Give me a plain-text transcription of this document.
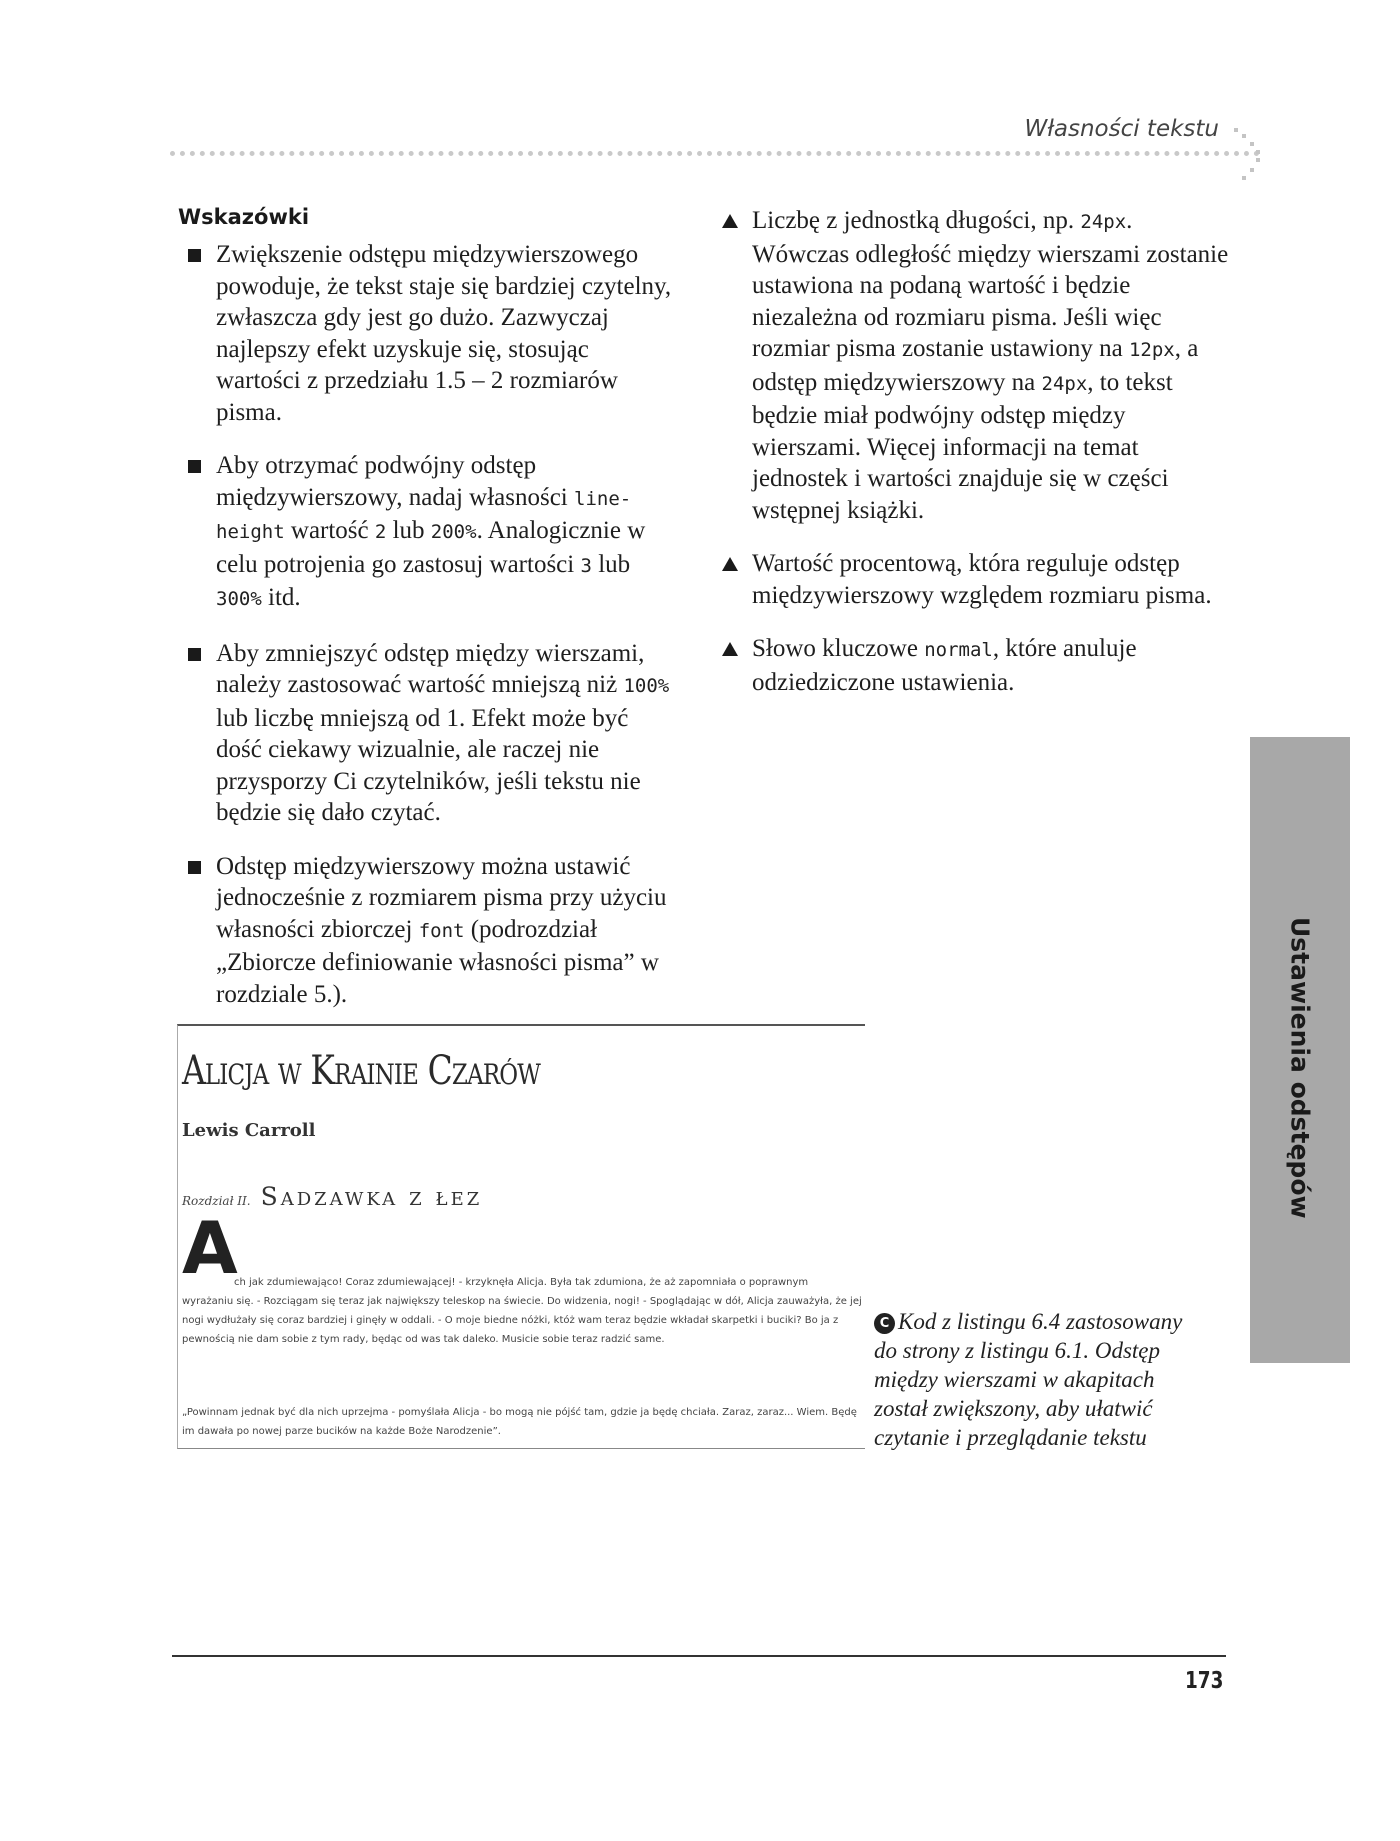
Własności tekstu
Wskazówki
Zwiększenie odstępu międzywierszowego powoduje, że tekst staje się bardziej czytelny, zwłaszcza gdy jest go dużo. Zazwyczaj najlepszy efekt uzyskuje się, stosując wartości z przedziału 1.5 – 2 rozmiarów pisma.
Aby otrzymać podwójny odstęp międzywierszowy, nadaj własności line-height wartość 2 lub 200%. Analogicznie w celu potrojenia go zastosuj wartości 3 lub 300% itd.
Aby zmniejszyć odstęp między wierszami, należy zastosować wartość mniejszą niż 100% lub liczbę mniejszą od 1. Efekt może być dość ciekawy wizualnie, ale raczej nie przysporzy Ci czytelników, jeśli tekstu nie będzie się dało czytać.
Odstęp międzywierszowy można ustawić jednocześnie z rozmiarem pisma przy użyciu własności zbiorczej font (podrozdział „Zbiorcze definiowanie własności pisma” w rozdziale 5.).
Liczbę z jednostką długości, np. 24px. Wówczas odległość między wierszami zostanie ustawiona na podaną wartość i będzie niezależna od rozmiaru pisma. Jeśli więc rozmiar pisma zostanie ustawiony na 12px, a odstęp międzywierszowy na 24px, to tekst będzie miał podwójny odstęp między wierszami. Więcej informacji na temat jednostek i wartości znajduje się w części wstępnej książki.
Wartość procentową, która reguluje odstęp międzywierszowy względem rozmiaru pisma.
Słowo kluczowe normal, które anuluje odziedziczone ustawienia.
Alicja w Krainie Czarów
Lewis Carroll
Rozdział II. Sadzawka z łez
A
ch jak zdumiewająco! Coraz zdumiewającej! - krzyknęła Alicja. Była tak zdumiona, że aż zapomniała o poprawnym wyrażaniu się. - Rozciągam się teraz jak największy teleskop na świecie. Do widzenia, nogi! - Spoglądając w dół, Alicja zauważyła, że jej nogi wydłużały się coraz bardziej i ginęły w oddali. - O moje biedne nóżki, któż wam teraz będzie wkładał skarpetki i buciki? Bo ja z pewnością nie dam sobie z tym rady, będąc od was tak daleko. Musicie sobie teraz radzić same.
„Powinnam jednak być dla nich uprzejma - pomyślała Alicja - bo mogą nie pójść tam, gdzie ja będę chciała. Zaraz, zaraz... Wiem. Będę im dawała po nowej parze bucików na każde Boże Narodzenie”.
C Kod z listingu 6.4 zastosowany do strony z listingu 6.1. Odstęp między wierszami w akapitach został zwiększony, aby ułatwić czytanie i przeglądanie tekstu
Ustawienia odstępów
173
